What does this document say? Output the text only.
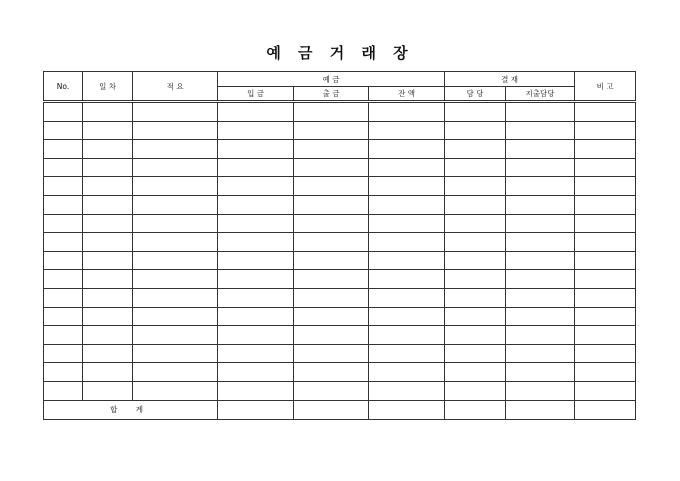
예 금 거 래 장
No.	일 차	적 요	예 금			결 재		비 고
			입 금	출 금	잔 액	담 당	지출담당	

합 계								
